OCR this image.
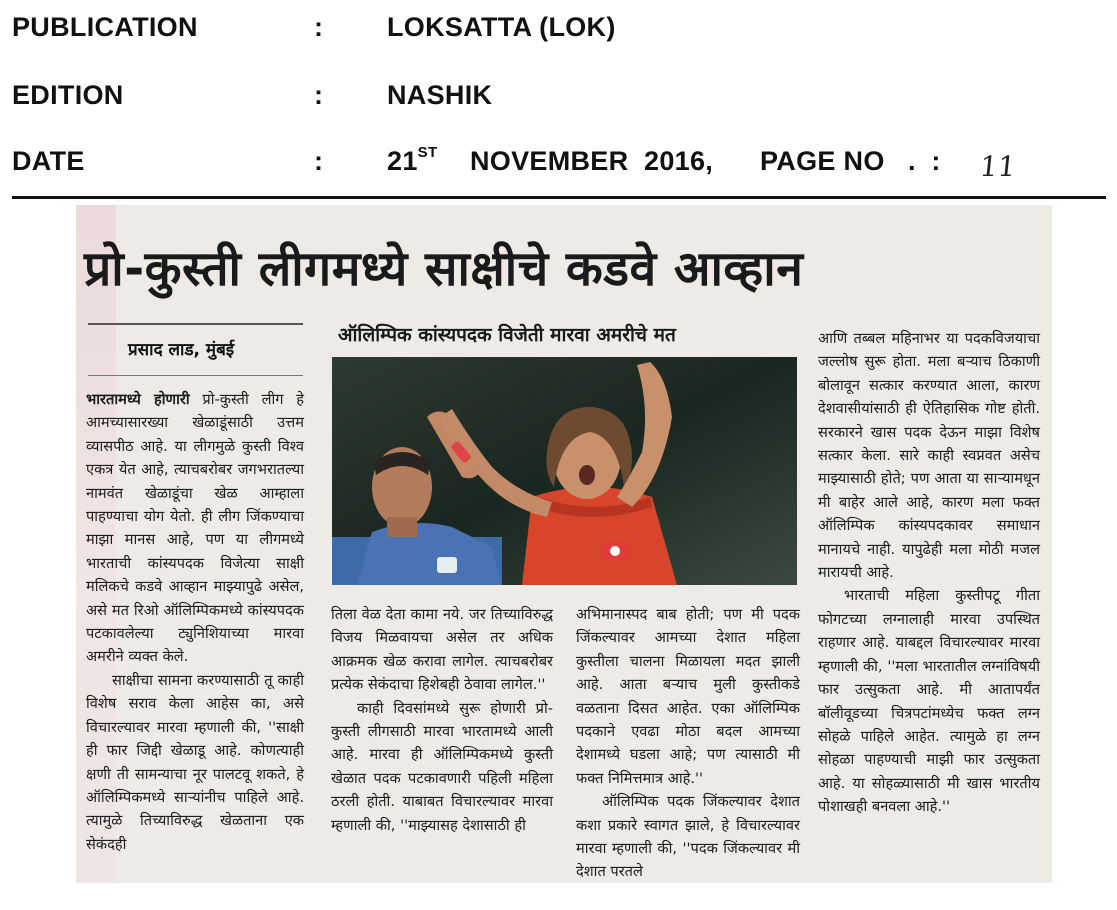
PUBLICATION	: LOKSATTA (LOK)
EDITION	: NASHIK
DATE	: 21ST NOVEMBER  2016, PAGE NO   .  : 11
प्रो-कुस्ती लीगमध्ये साक्षीचे कडवे आव्हान
प्रसाद लाड, मुंबई
ऑलिम्पिक कांस्यपदक विजेती मारवा अमरीचे मत

भारतामध्ये होणारी प्रो-कुस्ती लीग हे आमच्यासारख्या खेळाडूंसाठी उत्तम व्यासपीठ आहे. या लीगमुळे कुस्ती विश्व एकत्र येत आहे, त्याचबरोबर जगभरातल्या नामवंत खेळाडूंचा खेळ आम्हाला पाहण्याचा योग येतो. ही लीग जिंकण्याचा माझा मानस आहे, पण या लीगमध्ये भारताची कांस्यपदक विजेत्या साक्षी मलिकचे कडवे आव्हान माझ्यापुढे असेल, असे मत रिओ ऑलिम्पिकमध्ये कांस्यपदक पटकावलेल्या ट्युनिशियाच्या मारवा अमरीने व्यक्त केले.

साक्षीचा सामना करण्यासाठी तू काही विशेष सराव केला आहेस का, असे विचारल्यावर मारवा म्हणाली की, ''साक्षी ही फार जिद्दी खेळाडू आहे. कोणत्याही क्षणी ती सामन्याचा नूर पालटवू शकते, हे ऑलिम्पिकमध्ये साऱ्यांनीच पाहिले आहे. त्यामुळे तिच्याविरुद्ध खेळताना एक सेकंदही

तिला वेळ देता कामा नये. जर तिच्याविरुद्ध विजय मिळवायचा असेल तर अधिक आक्रमक खेळ करावा लागेल. त्याचबरोबर प्रत्येक सेकंदाचा हिशेबही ठेवावा लागेल.''

काही दिवसांमध्ये सुरू होणारी प्रो-कुस्ती लीगसाठी मारवा भारतामध्ये आली आहे. मारवा ही ऑलिम्पिकमध्ये कुस्ती खेळात पदक पटकावणारी पहिली महिला ठरली होती. याबाबत विचारल्यावर मारवा म्हणाली की, ''माझ्यासह देशासाठी ही

अभिमानास्पद बाब होती; पण मी पदक जिंकल्यावर आमच्या देशात महिला कुस्तीला चालना मिळायला मदत झाली आहे. आता बऱ्याच मुली कुस्तीकडे वळताना दिसत आहेत. एका ऑलिम्पिक पदकाने एवढा मोठा बदल आमच्या देशामध्ये घडला आहे; पण त्यासाठी मी फक्त निमित्तमात्र आहे.''

ऑलिम्पिक पदक जिंकल्यावर देशात कशा प्रकारे स्वागत झाले, हे विचारल्यावर मारवा म्हणाली की, ''पदक जिंकल्यावर मी देशात परतले

आणि तब्बल महिनाभर या पदकविजयाचा जल्लोष सुरू होता. मला बऱ्याच ठिकाणी बोलावून सत्कार करण्यात आला, कारण देशवासीयांसाठी ही ऐतिहासिक गोष्ट होती. सरकारने खास पदक देऊन माझा विशेष सत्कार केला. सारे काही स्वप्नवत असेच माझ्यासाठी होते; पण आता या साऱ्यामधून मी बाहेर आले आहे, कारण मला फक्त ऑलिम्पिक कांस्यपदकावर समाधान मानायचे नाही. यापुढेही मला मोठी मजल मारायची आहे.

भारताची महिला कुस्तीपटू गीता फोगटच्या लग्नालाही मारवा उपस्थित राहणार आहे. याबद्दल विचारल्यावर मारवा म्हणाली की, ''मला भारतातील लग्नांविषयी फार उत्सुकता आहे. मी आतापर्यंत बॉलीवूडच्या चित्रपटांमध्येच फक्त लग्न सोहळे पाहिले आहेत. त्यामुळे हा लग्न सोहळा पाहण्याची माझी फार उत्सुकता आहे. या सोहळ्यासाठी मी खास भारतीय पोशाखही बनवला आहे.''
